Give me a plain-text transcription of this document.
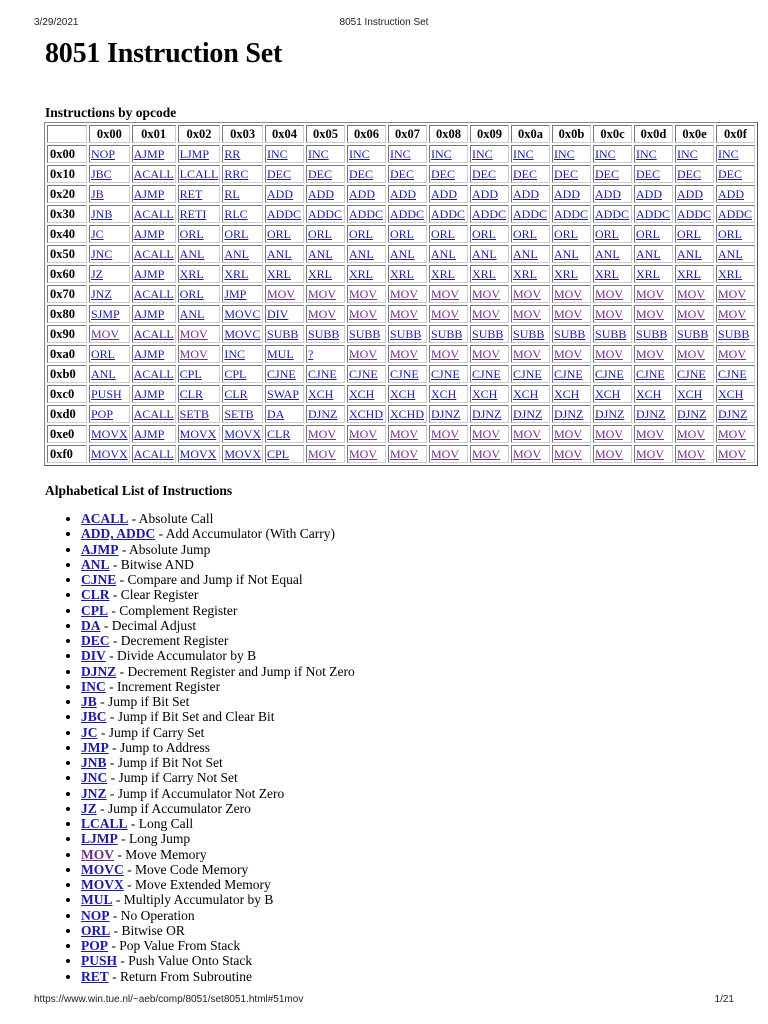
3/29/2021	8051 Instruction Set
8051 Instruction Set
Instructions by opcode
	0x00	0x01	0x02	0x03	0x04	0x05	0x06	0x07	0x08	0x09	0x0a	0x0b	0x0c	0x0d	0x0e	0x0f
0x00	NOP	AJMP	LJMP	RR	INC	INC	INC	INC	INC	INC	INC	INC	INC	INC	INC	INC
0x10	JBC	ACALL	LCALL	RRC	DEC	DEC	DEC	DEC	DEC	DEC	DEC	DEC	DEC	DEC	DEC	DEC
0x20	JB	AJMP	RET	RL	ADD	ADD	ADD	ADD	ADD	ADD	ADD	ADD	ADD	ADD	ADD	ADD
0x30	JNB	ACALL	RETI	RLC	ADDC	ADDC	ADDC	ADDC	ADDC	ADDC	ADDC	ADDC	ADDC	ADDC	ADDC	ADDC
0x40	JC	AJMP	ORL	ORL	ORL	ORL	ORL	ORL	ORL	ORL	ORL	ORL	ORL	ORL	ORL	ORL
0x50	JNC	ACALL	ANL	ANL	ANL	ANL	ANL	ANL	ANL	ANL	ANL	ANL	ANL	ANL	ANL	ANL
0x60	JZ	AJMP	XRL	XRL	XRL	XRL	XRL	XRL	XRL	XRL	XRL	XRL	XRL	XRL	XRL	XRL
0x70	JNZ	ACALL	ORL	JMP	MOV	MOV	MOV	MOV	MOV	MOV	MOV	MOV	MOV	MOV	MOV	MOV
0x80	SJMP	AJMP	ANL	MOVC	DIV	MOV	MOV	MOV	MOV	MOV	MOV	MOV	MOV	MOV	MOV	MOV
0x90	MOV	ACALL	MOV	MOVC	SUBB	SUBB	SUBB	SUBB	SUBB	SUBB	SUBB	SUBB	SUBB	SUBB	SUBB	SUBB
0xa0	ORL	AJMP	MOV	INC	MUL	?	MOV	MOV	MOV	MOV	MOV	MOV	MOV	MOV	MOV	MOV
0xb0	ANL	ACALL	CPL	CPL	CJNE	CJNE	CJNE	CJNE	CJNE	CJNE	CJNE	CJNE	CJNE	CJNE	CJNE	CJNE
0xc0	PUSH	AJMP	CLR	CLR	SWAP	XCH	XCH	XCH	XCH	XCH	XCH	XCH	XCH	XCH	XCH	XCH
0xd0	POP	ACALL	SETB	SETB	DA	DJNZ	XCHD	XCHD	DJNZ	DJNZ	DJNZ	DJNZ	DJNZ	DJNZ	DJNZ	DJNZ
0xe0	MOVX	AJMP	MOVX	MOVX	CLR	MOV	MOV	MOV	MOV	MOV	MOV	MOV	MOV	MOV	MOV	MOV
0xf0	MOVX	ACALL	MOVX	MOVX	CPL	MOV	MOV	MOV	MOV	MOV	MOV	MOV	MOV	MOV	MOV	MOV
Alphabetical List of Instructions
• ACALL - Absolute Call
• ADD, ADDC - Add Accumulator (With Carry)
• AJMP - Absolute Jump
• ANL - Bitwise AND
• CJNE - Compare and Jump if Not Equal
• CLR - Clear Register
• CPL - Complement Register
• DA - Decimal Adjust
• DEC - Decrement Register
• DIV - Divide Accumulator by B
• DJNZ - Decrement Register and Jump if Not Zero
• INC - Increment Register
• JB - Jump if Bit Set
• JBC - Jump if Bit Set and Clear Bit
• JC - Jump if Carry Set
• JMP - Jump to Address
• JNB - Jump if Bit Not Set
• JNC - Jump if Carry Not Set
• JNZ - Jump if Accumulator Not Zero
• JZ - Jump if Accumulator Zero
• LCALL - Long Call
• LJMP - Long Jump
• MOV - Move Memory
• MOVC - Move Code Memory
• MOVX - Move Extended Memory
• MUL - Multiply Accumulator by B
• NOP - No Operation
• ORL - Bitwise OR
• POP - Pop Value From Stack
• PUSH - Push Value Onto Stack
• RET - Return From Subroutine
https://www.win.tue.nl/~aeb/comp/8051/set8051.html#51mov	1/21
